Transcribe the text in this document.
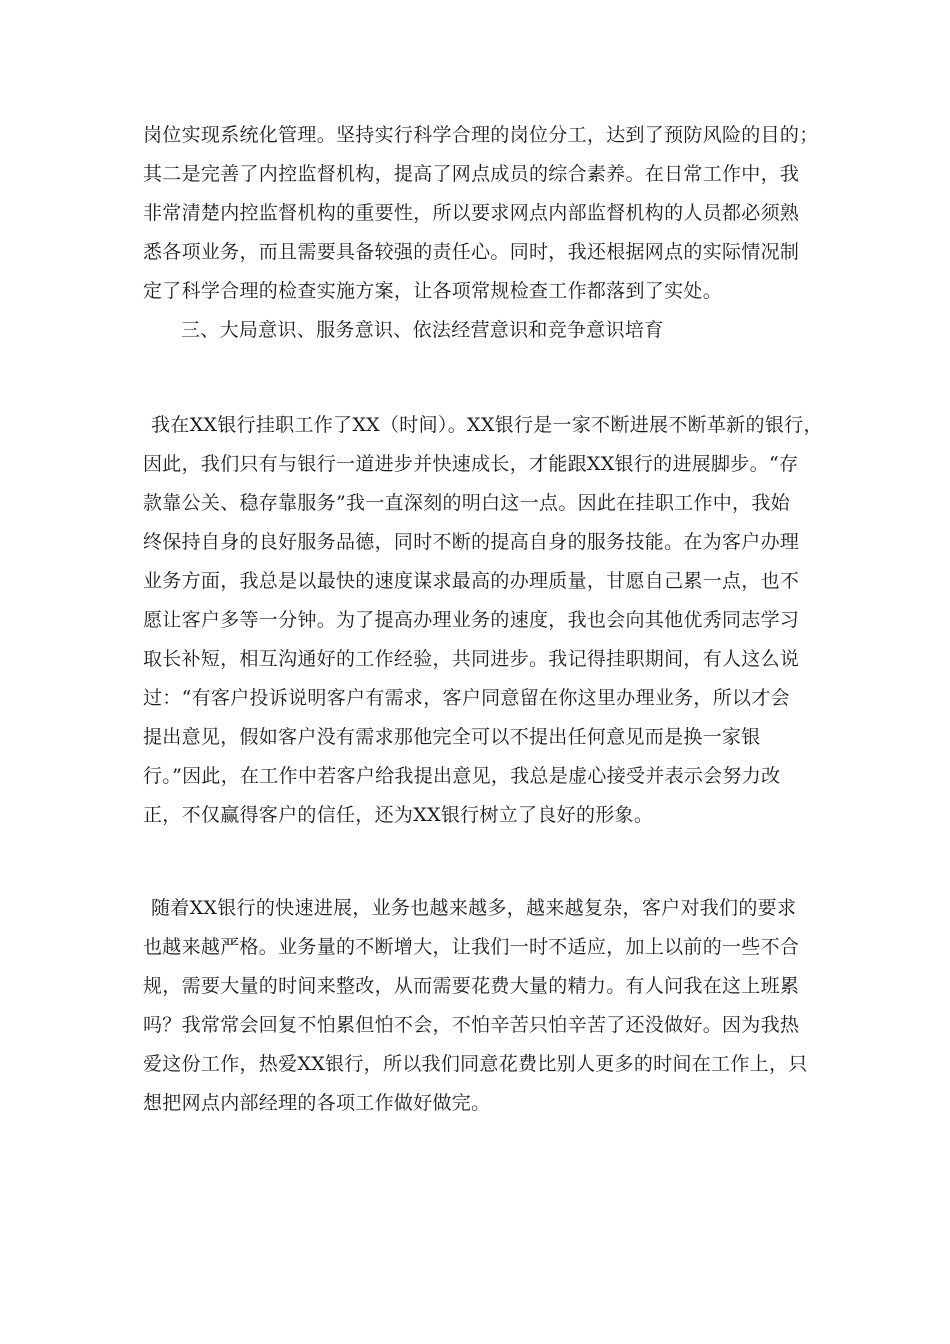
岗位实现系统化管理。坚持实行科学合理的岗位分工，达到了预防风险的目的；
其二是完善了内控监督机构，提高了网点成员的综合素养。在日常工作中，我
非常清楚内控监督机构的重要性，所以要求网点内部监督机构的人员都必须熟
悉各项业务，而且需要具备较强的责任心。同时，我还根据网点的实际情况制
定了科学合理的检查实施方案，让各项常规检查工作都落到了实处。
三、大局意识、服务意识、依法经营意识和竞争意识培育
我在XX银行挂职工作了XX（时间）。XX银行是一家不断进展不断革新的银行，
因此，我们只有与银行一道进步并快速成长，才能跟XX银行的进展脚步。“存
款靠公关、稳存靠服务”我一直深刻的明白这一点。因此在挂职工作中，我始
终保持自身的良好服务品德，同时不断的提高自身的服务技能。在为客户办理
业务方面，我总是以最快的速度谋求最高的办理质量，甘愿自己累一点，也不
愿让客户多等一分钟。为了提高办理业务的速度，我也会向其他优秀同志学习
取长补短，相互沟通好的工作经验，共同进步。我记得挂职期间，有人这么说
过：“有客户投诉说明客户有需求，客户同意留在你这里办理业务，所以才会
提出意见，假如客户没有需求那他完全可以不提出任何意见而是换一家银
行。”因此，在工作中若客户给我提出意见，我总是虚心接受并表示会努力改
正，不仅赢得客户的信任，还为XX银行树立了良好的形象。
随着XX银行的快速进展，业务也越来越多，越来越复杂，客户对我们的要求
也越来越严格。业务量的不断增大，让我们一时不适应，加上以前的一些不合
规，需要大量的时间来整改，从而需要花费大量的精力。有人问我在这上班累
吗？我常常会回复不怕累但怕不会，不怕辛苦只怕辛苦了还没做好。因为我热
爱这份工作，热爱XX银行，所以我们同意花费比别人更多的时间在工作上，只
想把网点内部经理的各项工作做好做完。
